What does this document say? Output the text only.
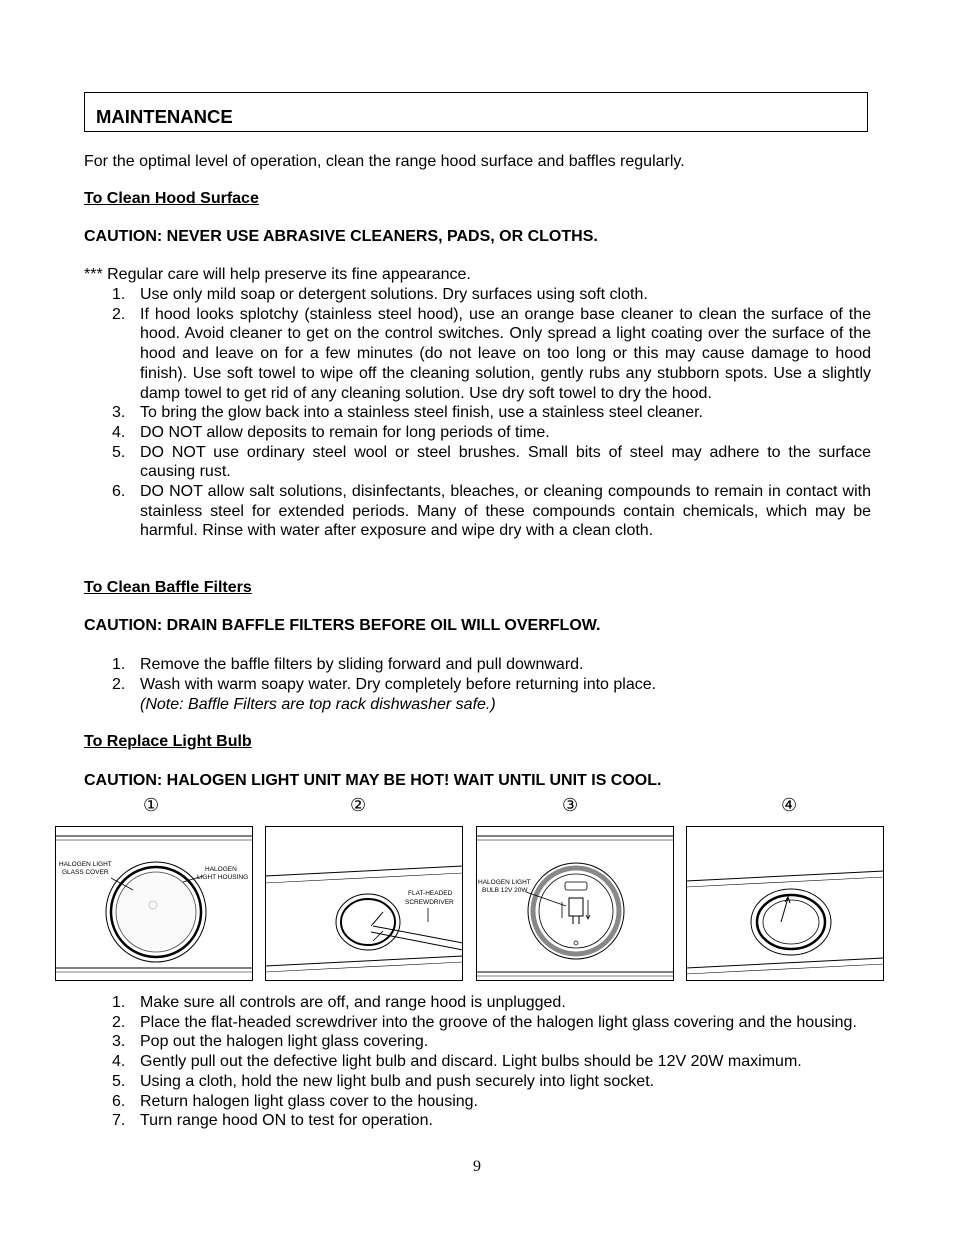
MAINTENANCE
For the optimal level of operation, clean the range hood surface and baffles regularly.
To Clean Hood Surface
CAUTION: NEVER USE ABRASIVE CLEANERS, PADS, OR CLOTHS.
*** Regular care will help preserve its fine appearance.
1. Use only mild soap or detergent solutions. Dry surfaces using soft cloth.
2. If hood looks splotchy (stainless steel hood), use an orange base cleaner to clean the surface of the hood. Avoid cleaner to get on the control switches. Only spread a light coating over the surface of the hood and leave on for a few minutes (do not leave on too long or this may cause damage to hood finish). Use soft towel to wipe off the cleaning solution, gently rubs any stubborn spots. Use a slightly damp towel to get rid of any cleaning solution. Use dry soft towel to dry the hood.
3. To bring the glow back into a stainless steel finish, use a stainless steel cleaner.
4. DO NOT allow deposits to remain for long periods of time.
5. DO NOT use ordinary steel wool or steel brushes. Small bits of steel may adhere to the surface causing rust.
6. DO NOT allow salt solutions, disinfectants, bleaches, or cleaning compounds to remain in contact with stainless steel for extended periods. Many of these compounds contain chemicals, which may be harmful. Rinse with water after exposure and wipe dry with a clean cloth.
To Clean Baffle Filters
CAUTION: DRAIN BAFFLE FILTERS BEFORE OIL WILL OVERFLOW.
1. Remove the baffle filters by sliding forward and pull downward.
2. Wash with warm soapy water. Dry completely before returning into place.
(Note: Baffle Filters are top rack dishwasher safe.)
To Replace Light Bulb
CAUTION: HALOGEN LIGHT UNIT MAY BE HOT! WAIT UNTIL UNIT IS COOL.
①	②	③	④
HALOGEN LIGHT
GLASS COVER	HALOGEN
LIGHT HOUSING
FLAT-HEADED
SCREWDRIVER
HALOGEN LIGHT
BULB 12V 20W
1. Make sure all controls are off, and range hood is unplugged.
2. Place the flat-headed screwdriver into the groove of the halogen light glass covering and the housing.
3. Pop out the halogen light glass covering.
4. Gently pull out the defective light bulb and discard. Light bulbs should be 12V 20W maximum.
5. Using a cloth, hold the new light bulb and push securely into light socket.
6. Return halogen light glass cover to the housing.
7. Turn range hood ON to test for operation.
9
